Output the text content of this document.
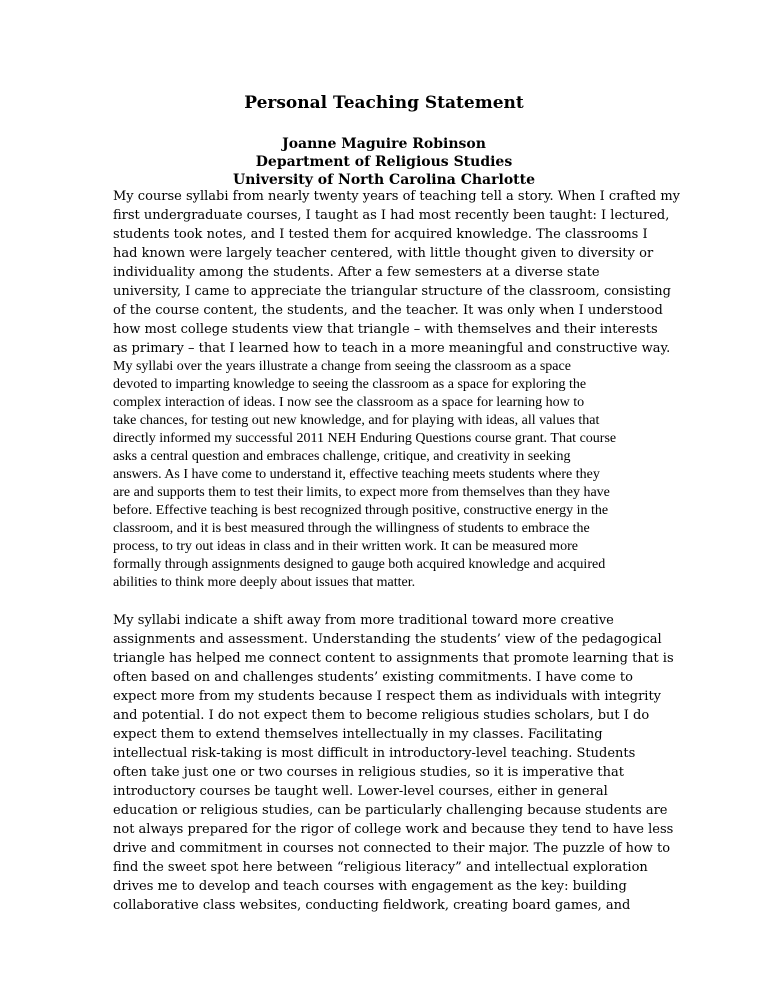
Personal Teaching Statement
Joanne Maguire Robinson
Department of Religious Studies
University of North Carolina Charlotte
My course syllabi from nearly twenty years of teaching tell a story. When I crafted my
first undergraduate courses, I taught as I had most recently been taught: I lectured,
students took notes, and I tested them for acquired knowledge. The classrooms I
had known were largely teacher centered, with little thought given to diversity or
individuality among the students. After a few semesters at a diverse state
university, I came to appreciate the triangular structure of the classroom, consisting
of the course content, the students, and the teacher. It was only when I understood
how most college students view that triangle – with themselves and their interests
as primary – that I learned how to teach in a more meaningful and constructive way.
My syllabi over the years illustrate a change from seeing the classroom as a space
devoted to imparting knowledge to seeing the classroom as a space for exploring the
complex interaction of ideas. I now see the classroom as a space for learning how to
take chances, for testing out new knowledge, and for playing with ideas, all values that
directly informed my successful 2011 NEH Enduring Questions course grant. That course
asks a central question and embraces challenge, critique, and creativity in seeking
answers. As I have come to understand it, effective teaching meets students where they
are and supports them to test their limits, to expect more from themselves than they have
before. Effective teaching is best recognized through positive, constructive energy in the
classroom, and it is best measured through the willingness of students to embrace the
process, to try out ideas in class and in their written work. It can be measured more
formally through assignments designed to gauge both acquired knowledge and acquired
abilities to think more deeply about issues that matter.
My syllabi indicate a shift away from more traditional toward more creative
assignments and assessment. Understanding the students’ view of the pedagogical
triangle has helped me connect content to assignments that promote learning that is
often based on and challenges students’ existing commitments. I have come to
expect more from my students because I respect them as individuals with integrity
and potential. I do not expect them to become religious studies scholars, but I do
expect them to extend themselves intellectually in my classes. Facilitating
intellectual risk-taking is most difficult in introductory-level teaching. Students
often take just one or two courses in religious studies, so it is imperative that
introductory courses be taught well. Lower-level courses, either in general
education or religious studies, can be particularly challenging because students are
not always prepared for the rigor of college work and because they tend to have less
drive and commitment in courses not connected to their major. The puzzle of how to
find the sweet spot here between “religious literacy” and intellectual exploration
drives me to develop and teach courses with engagement as the key: building
collaborative class websites, conducting fieldwork, creating board games, and
